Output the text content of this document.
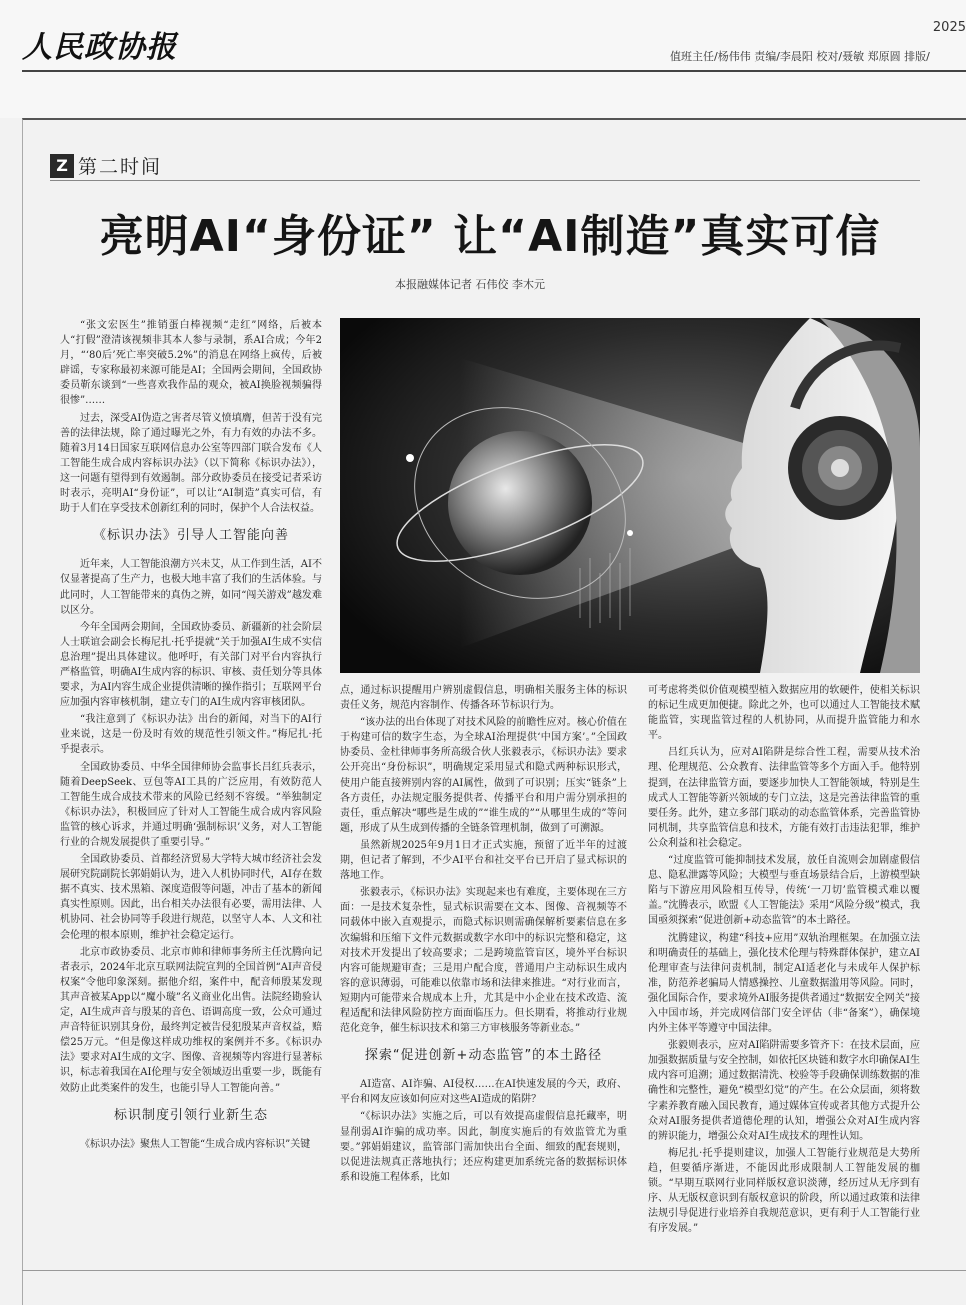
人民政协报
2025
值班主任/杨伟伟 责编/李晨阳 校对/聂敏 郑原圆 排版/
Z 第二时间
亮明AI“身份证” 让“AI制造”真实可信
本报融媒体记者 石伟佼 李木元

“张文宏医生”推销蛋白棒视频“走红”网络，后被本人“打假”澄清该视频非其本人参与录制，系AI合成；今年2月，“‘80后’死亡率突破5.2%”的消息在网络上疯传，后被辟谣，专家称最初来源可能是AI；全国两会期间，全国政协委员靳东谈到“一些喜欢我作品的观众，被AI换脸视频骗得很惨”……

过去，深受AI伪造之害者尽管义愤填膺，但苦于没有完善的法律法规，除了通过曝光之外，有力有效的办法不多。随着3月14日国家互联网信息办公室等四部门联合发布《人工智能生成合成内容标识办法》（以下简称《标识办法》），这一问题有望得到有效遏制。部分政协委员在接受记者采访时表示，亮明AI“身份证”，可以让“AI制造”真实可信，有助于人们在享受技术创新红利的同时，保护个人合法权益。

《标识办法》引导人工智能向善

近年来，人工智能浪潮方兴未艾，从工作到生活，AI不仅显著提高了生产力，也极大地丰富了我们的生活体验。与此同时，人工智能带来的真伪之辨，如同“闯关游戏”越发难以区分。

今年全国两会期间，全国政协委员、新疆新的社会阶层人士联谊会副会长梅尼扎·托乎提就“关于加强AI生成不实信息治理”提出具体建议。他呼吁，有关部门对平台内容执行严格监管，明确AI生成内容的标识、审核、责任划分等具体要求，为AI内容生成企业提供清晰的操作指引；互联网平台应加强内容审核机制，建立专门的AI生成内容审核团队。

“我注意到了《标识办法》出台的新闻，对当下的AI行业来说，这是一份及时有效的规范性引领文件。”梅尼扎·托乎提表示。

全国政协委员、中华全国律师协会监事长吕红兵表示，随着DeepSeek、豆包等AI工具的广泛应用，有效防范人工智能生成合成技术带来的风险已经刻不容缓。“举独制定《标识办法》，积极回应了针对人工智能生成合成内容风险监管的核心诉求，并通过明确‘强制标识’义务，对人工智能行业的合规发展提供了重要引导。”

全国政协委员、首都经济贸易大学特大城市经济社会发展研究院副院长郭娟娟认为，进入人机协同时代，AI存在数据不真实、技术黑箱、深度造假等问题，冲击了基本的新闻真实性原则。因此，出台相关办法很有必要，需用法律、人机协同、社会协同等手段进行规范，以坚守人本、人文和社会伦理的根本原则，维护社会稳定运行。

北京市政协委员、北京市帅和律师事务所主任沈腾向记者表示，2024年北京互联网法院宣判的全国首例“AI声音侵权案”令他印象深刻。据他介绍，案件中，配音师殷某发现其声音被某App以“魔小璇”名义商业化出售。法院经勘验认定，AI生成声音与殷某的音色、语调高度一致，公众可通过声音特征识别其身份，最终判定被告侵犯殷某声音权益，赔偿25万元。“但是像这样成功维权的案例并不多。《标识办法》要求对AI生成的文字、图像、音视频等内容进行显著标识，标志着我国在AI伦理与安全领域迈出重要一步，既能有效防止此类案件的发生，也能引导人工智能向善。”

标识制度引领行业新生态

《标识办法》聚焦人工智能“生成合成内容标识”关键

点，通过标识提醒用户辨别虚假信息，明确相关服务主体的标识责任义务，规范内容制作、传播各环节标识行为。

“该办法的出台体现了对技术风险的前瞻性应对。核心价值在于构建可信的数字生态，为全球AI治理提供‘中国方案’。”全国政协委员、金杜律师事务所高级合伙人张毅表示，《标识办法》要求公开亮出“身份标识”，明确规定采用显式和隐式两种标识形式，使用户能直接辨别内容的AI属性，做到了可识别；压实“链条”上各方责任，办法规定服务提供者、传播平台和用户需分别承担的责任，重点解决“哪些是生成的”“谁生成的”“从哪里生成的”等问题，形成了从生成到传播的全链条管理机制，做到了可溯源。

虽然新规2025年9月1日才正式实施，预留了近半年的过渡期，但记者了解到，不少AI平台和社交平台已开启了显式标识的落地工作。

张毅表示，《标识办法》实现起来也有难度，主要体现在三方面：一是技术复杂性，显式标识需要在文本、图像、音视频等不同载体中嵌入直观提示，而隐式标识则需确保解析要素信息在多次编辑和压缩下文件元数据或数字水印中的标识完整和稳定，这对技术开发提出了较高要求；二是跨境监管盲区，境外平台标识内容可能规避审查；三是用户配合度，普通用户主动标识生成内容的意识薄弱，可能难以依靠市场和法律来推进。“对行业而言，短期内可能带来合规成本上升，尤其是中小企业在技术改造、流程适配和法律风险防控方面面临压力。但长期看，将推动行业规范化竞争，催生标识技术和第三方审核服务等新业态。”

探索“促进创新+动态监管”的本土路径

AI造富、AI诈骗、AI侵权……在AI快速发展的今天，政府、平台和网友应该如何应对这些AI造成的陷阱？

“《标识办法》实施之后，可以有效提高虚假信息托藏率，明显削弱AI诈骗的成功率。因此，制度实施后的有效监管尤为重要。”郭娟娟建议，监管部门需加快出台全面、细致的配套规则，以促进法规真正落地执行；还应构建更加系统完备的数据标识体系和设施工程体系，比如

可考虑将类似价值观模型植入数据应用的软硬件，使相关标识的标记生成更加便捷。除此之外，也可以通过人工智能技术赋能监管，实现监管过程的人机协同，从而提升监管能力和水平。

吕红兵认为，应对AI陷阱是综合性工程，需要从技术治理、伦理规范、公众教育、法律监管等多个方面入手。他特别提到，在法律监管方面，要逐步加快人工智能领域，特别是生成式人工智能等新兴领域的专门立法，这是完善法律监管的重要任务。此外，建立多部门联动的动态监管体系，完善监管协同机制，共享监管信息和技术，方能有效打击违法犯罪，维护公众利益和社会稳定。

“过度监管可能抑制技术发展，放任自流则会加剧虚假信息、隐私泄露等风险；大模型与垂直场景结合后，上游模型缺陷与下游应用风险相互传导，传统‘一刀切’监管模式难以覆盖。”沈腾表示，欧盟《人工智能法》采用“风险分级”模式，我国亟须探索“促进创新+动态监管”的本土路径。

沈腾建议，构建“科技+应用”双轨治理框架。在加强立法和明确责任的基础上，强化技术伦理与特殊群体保护，建立AI伦理审查与法律问责机制，制定AI适老化与未成年人保护标准，防范养老骗局人情感操控、儿童数据滥用等风险。同时，强化国际合作，要求境外AI服务提供者通过“数据安全网关”接入中国市场，并完成网信部门安全评估（非“备案”），确保境内外主体平等遵守中国法律。

张毅则表示，应对AI陷阱需要多管齐下：在技术层面，应加强数据质量与安全控制，如依托区块链和数字水印确保AI生成内容可追溯；通过数据清洗、校验等手段确保训练数据的准确性和完整性，避免“模型幻觉”的产生。在公众层面，须将数字素养教育融入国民教育，通过媒体宣传或者其他方式提升公众对AI服务提供者道德伦理的认知，增强公众对AI生成内容的辨识能力，增强公众对AI生成技术的理性认知。

梅尼扎·托乎提则建议，加强人工智能行业规范是大势所趋，但要循序渐进，不能因此形成限制人工智能发展的枷锁。“早期互联网行业同样版权意识淡薄，经历过从无序到有序、从无版权意识到有版权意识的阶段，所以通过政策和法律法规引导促进行业培养自我规范意识，更有利于人工智能行业有序发展。”
